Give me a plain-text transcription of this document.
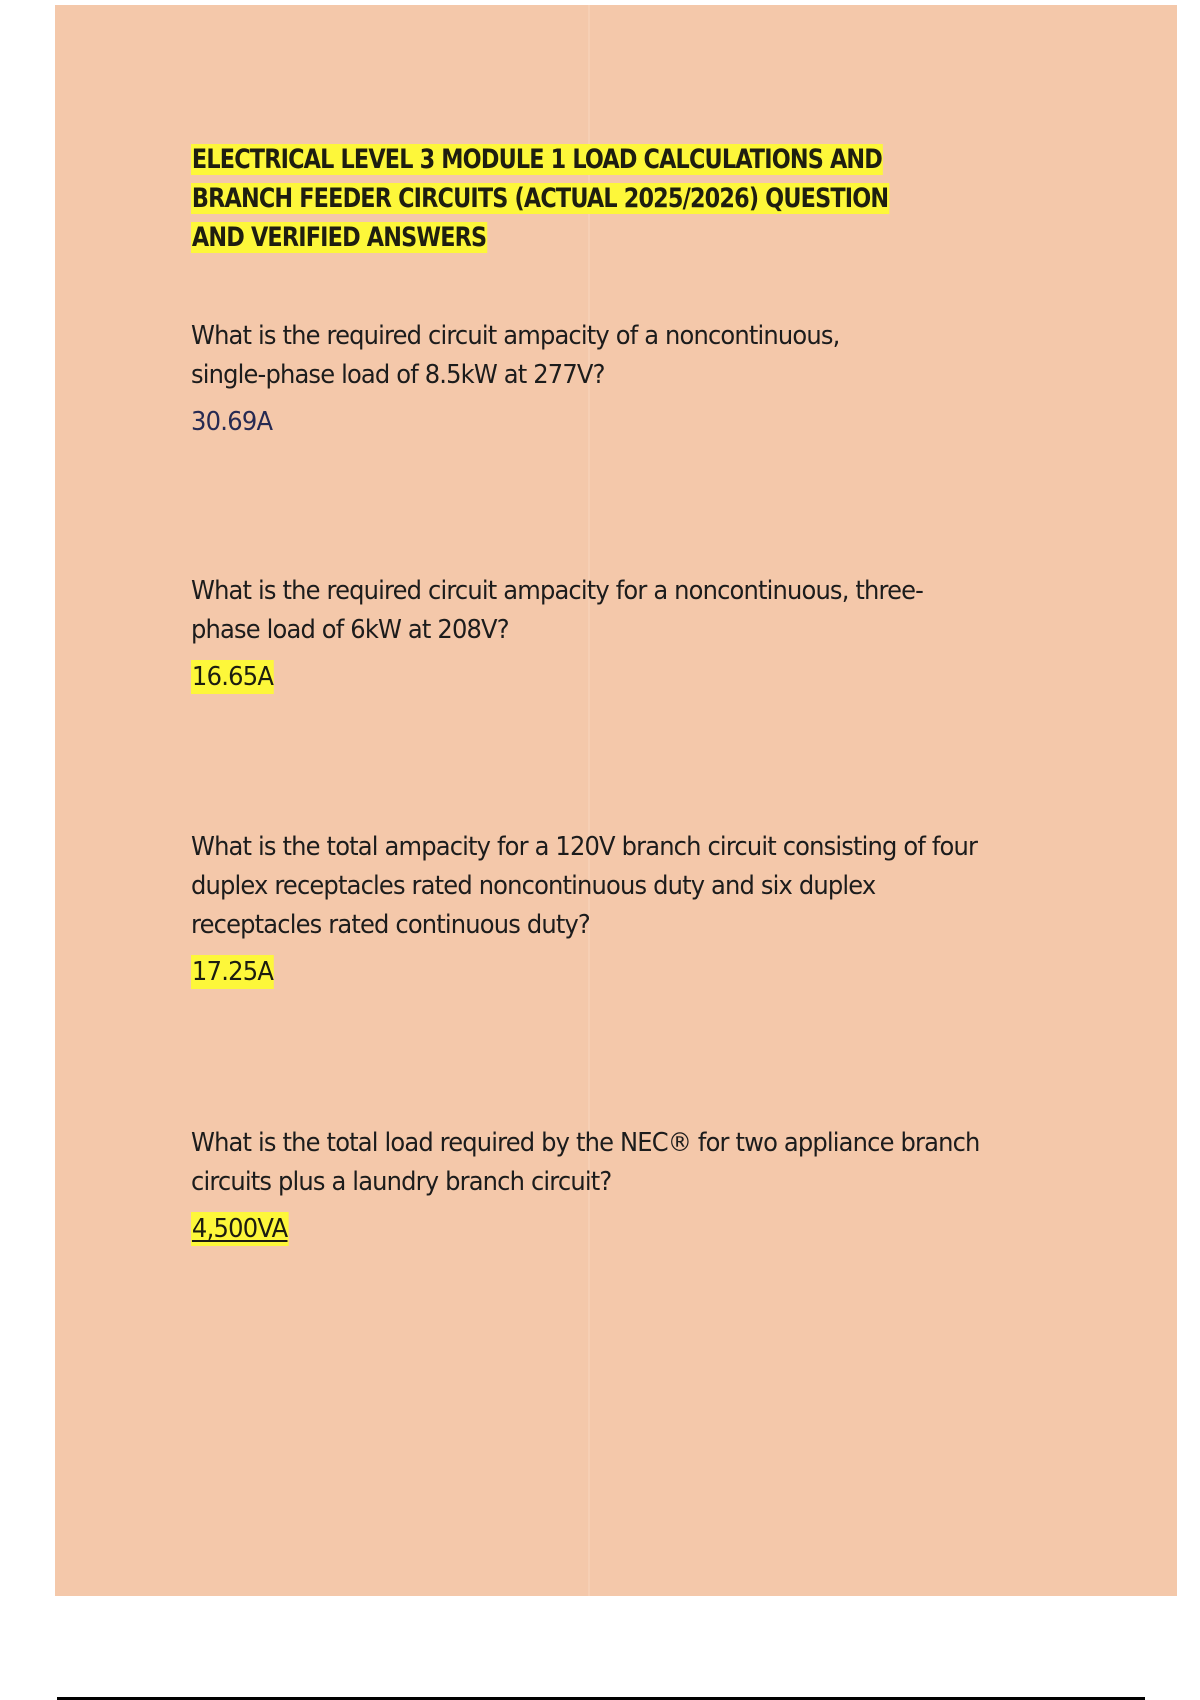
ELECTRICAL LEVEL 3 MODULE 1 LOAD CALCULATIONS AND
BRANCH FEEDER CIRCUITS (ACTUAL 2025/2026) QUESTION
AND VERIFIED ANSWERS

What is the required circuit ampacity of a noncontinuous, single-phase load of 8.5kW at 277V?

30.69A

What is the required circuit ampacity for a noncontinuous, three-phase load of 6kW at 208V?

16.65A

What is the total ampacity for a 120V branch circuit consisting of four duplex receptacles rated noncontinuous duty and six duplex receptacles rated continuous duty?

17.25A

What is the total load required by the NEC® for two appliance branch circuits plus a laundry branch circuit?

4,500VA
